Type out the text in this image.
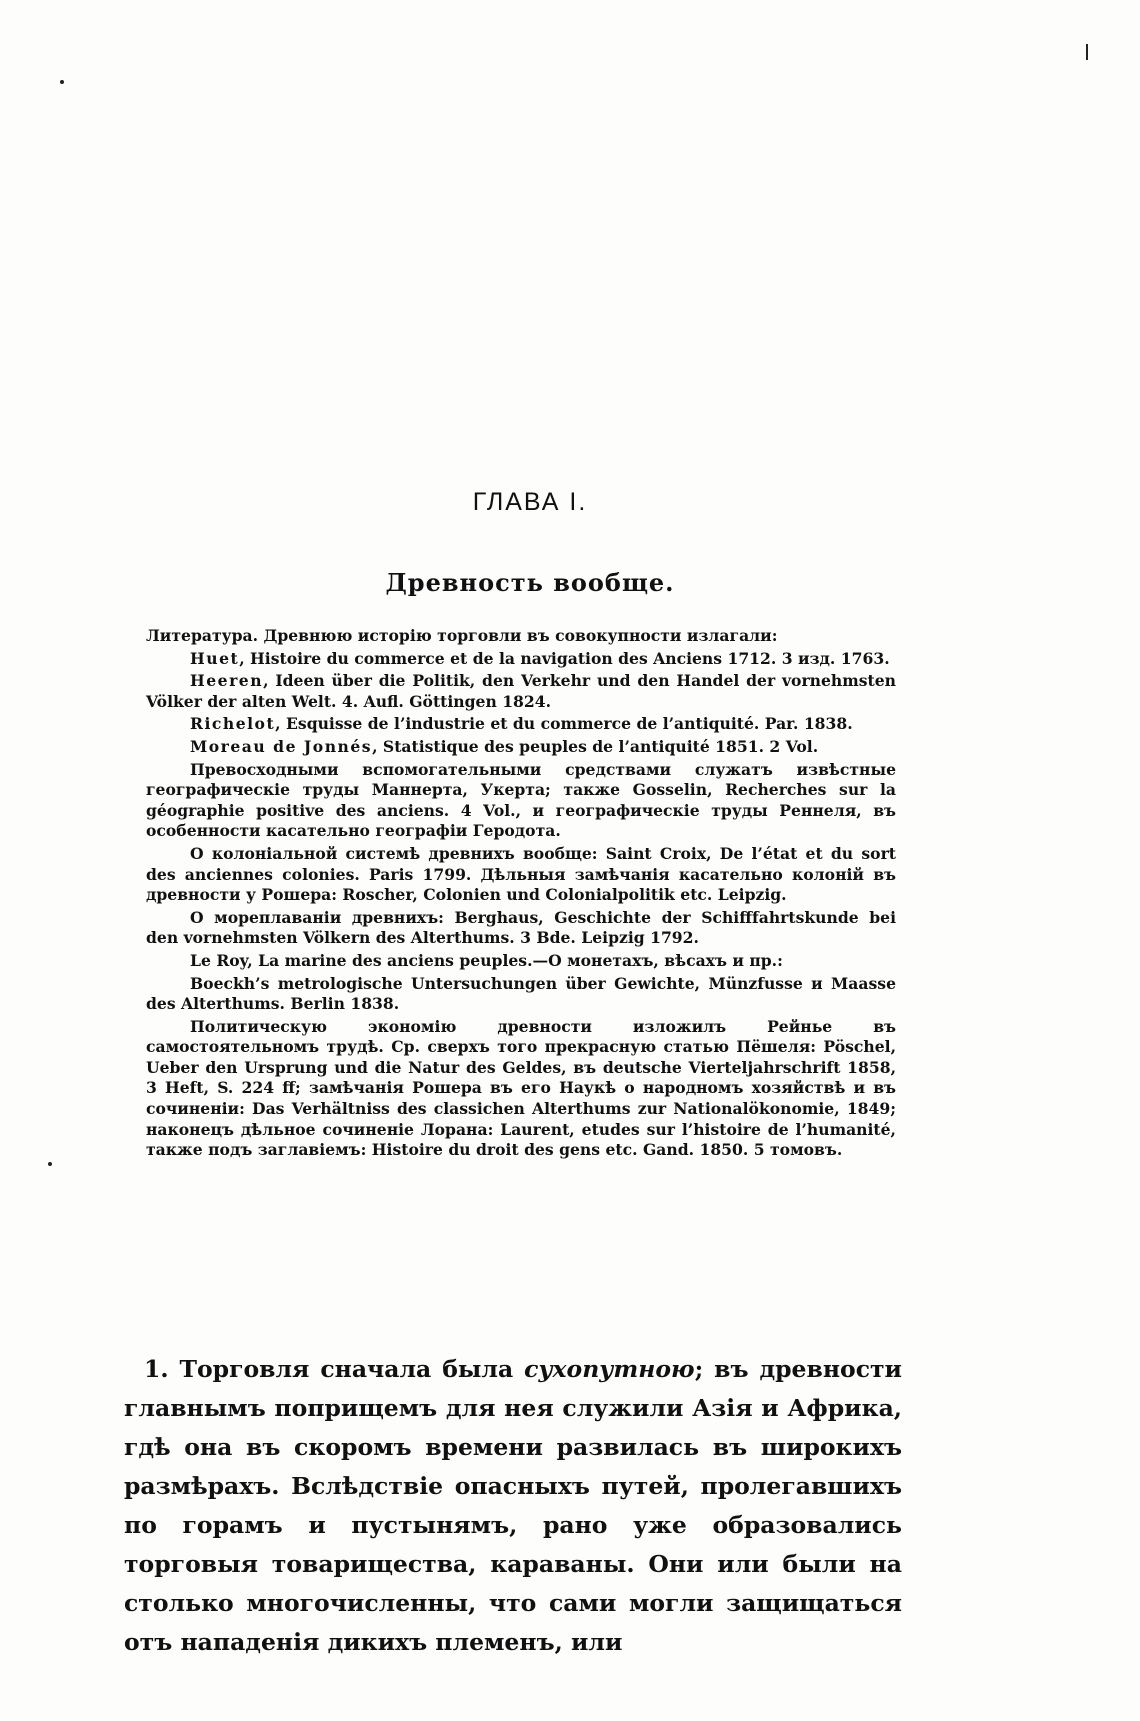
ГЛАВА I.
Древность вообще.

Литература. Древнюю исторію торговли въ совокупности излагали:

Huet, Histoire du commerce et de la navigation des Anciens 1712. 3 изд. 1763.

Heeren, Ideen über die Politik, den Verkehr und den Handel der vornehmsten Völker der alten Welt. 4. Aufl. Göttingen 1824.

Richelot, Esquisse de l’industrie et du commerce de l’antiquité. Par. 1838.

Moreau de Jonnés, Statistique des peuples de l’antiquité 1851. 2 Vol.

Превосходными вспомогательными средствами служатъ извѣстные географическіе труды Маннерта, Укерта; также Gosselin, Recherches sur la géographie positive des anciens. 4 Vol., и географическіе труды Реннеля, въ особенности касательно географіи Геродота.

О колоніальной системѣ древнихъ вообще: Saint Croix, De l’état et du sort des anciennes colonies. Paris 1799. Дѣльныя замѣчанія касательно колоній въ древности у Рошера: Roscher, Colonien und Colonialpolitik etc. Leipzig.

О мореплаваніи древнихъ: Berghaus, Geschichte der Schifffahrtskunde bei den vornehmsten Völkern des Alterthums. 3 Bde. Leipzig 1792.

Le Roy, La marine des anciens peuples.—О монетахъ, вѣсахъ и пр.:

Boeckh’s metrologische Untersuchungen über Gewichte, Münzfusse и Maasse des Alterthums. Berlin 1838.

Политическую экономію древности изложилъ Рейнье въ самостоятельномъ трудѣ. Ср. сверхъ того прекрасную статью Пёшеля: Pöschel, Ueber den Ursprung und die Natur des Geldes, въ deutsche Vierteljahrschrift 1858, 3 Heft, S. 224 ff; замѣчанія Рошера въ его Наукѣ о народномъ хозяйствѣ и въ сочиненіи: Das Verhältniss des classichen Alterthums zur Nationalökonomie, 1849; наконецъ дѣльное сочиненіе Лорана: Laurent, etudes sur l’histoire de l’humanité, также подъ заглавіемъ: Histoire du droit des gens etc. Gand. 1850. 5 томовъ.

1. Торговля сначала была сухопутною; въ древности главнымъ поприщемъ для нея служили Азія и Африка, гдѣ она въ скоромъ времени развилась въ широкихъ размѣрахъ. Вслѣдствіе опасныхъ путей, пролегавшихъ по горамъ и пустынямъ, рано уже образовались торговыя товарищества, караваны. Они или были на столько многочисленны, что сами могли защищаться отъ нападенія дикихъ племенъ, или
